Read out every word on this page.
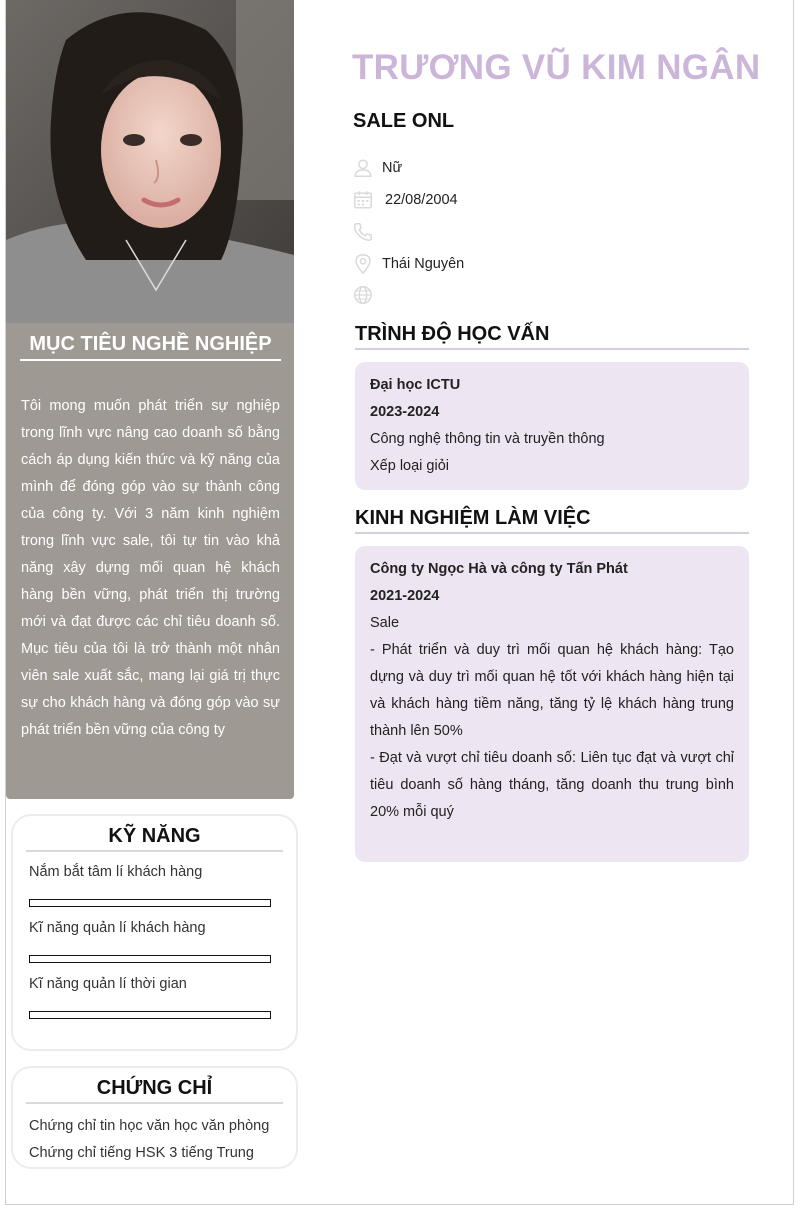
MỤC TIÊU NGHỀ NGHIỆP
Tôi mong muốn phát triển sự nghiệp trong lĩnh vực nâng cao doanh số bằng cách áp dụng kiến thức và kỹ năng của mình để đóng góp vào sự thành công của công ty. Với 3 năm kinh nghiệm trong lĩnh vực sale, tôi tự tin vào khả năng xây dựng mối quan hệ khách hàng bền vững, phát triển thị trường mới và đạt được các chỉ tiêu doanh số. Mục tiêu của tôi là trở thành một nhân viên sale xuất sắc, mang lại giá trị thực sự cho khách hàng và đóng góp vào sự phát triển bền vững của công ty
KỸ NĂNG
Nắm bắt tâm lí khách hàng
Kĩ năng quản lí khách hàng
Kĩ năng quản lí thời gian
CHỨNG CHỈ
Chứng chỉ tin học văn học văn phòng
Chứng chỉ tiếng HSK 3 tiếng Trung
TRƯƠNG VŨ KIM NGÂN
SALE ONL
Nữ
22/08/2004
Thái Nguyên
TRÌNH ĐỘ HỌC VẤN
Đại học ICTU
2023-2024
Công nghệ thông tin và truyền thông
Xếp loại giỏi
KINH NGHIỆM LÀM VIỆC
Công ty Ngọc Hà và công ty Tấn Phát
2021-2024
Sale
- Phát triển và duy trì mối quan hệ khách hàng: Tạo dựng và duy trì mối quan hệ tốt với khách hàng hiện tại và khách hàng tiềm năng, tăng tỷ lệ khách hàng trung thành lên 50%
- Đạt và vượt chỉ tiêu doanh số: Liên tục đạt và vượt chỉ tiêu doanh số hàng tháng, tăng doanh thu trung bình 20% mỗi quý
